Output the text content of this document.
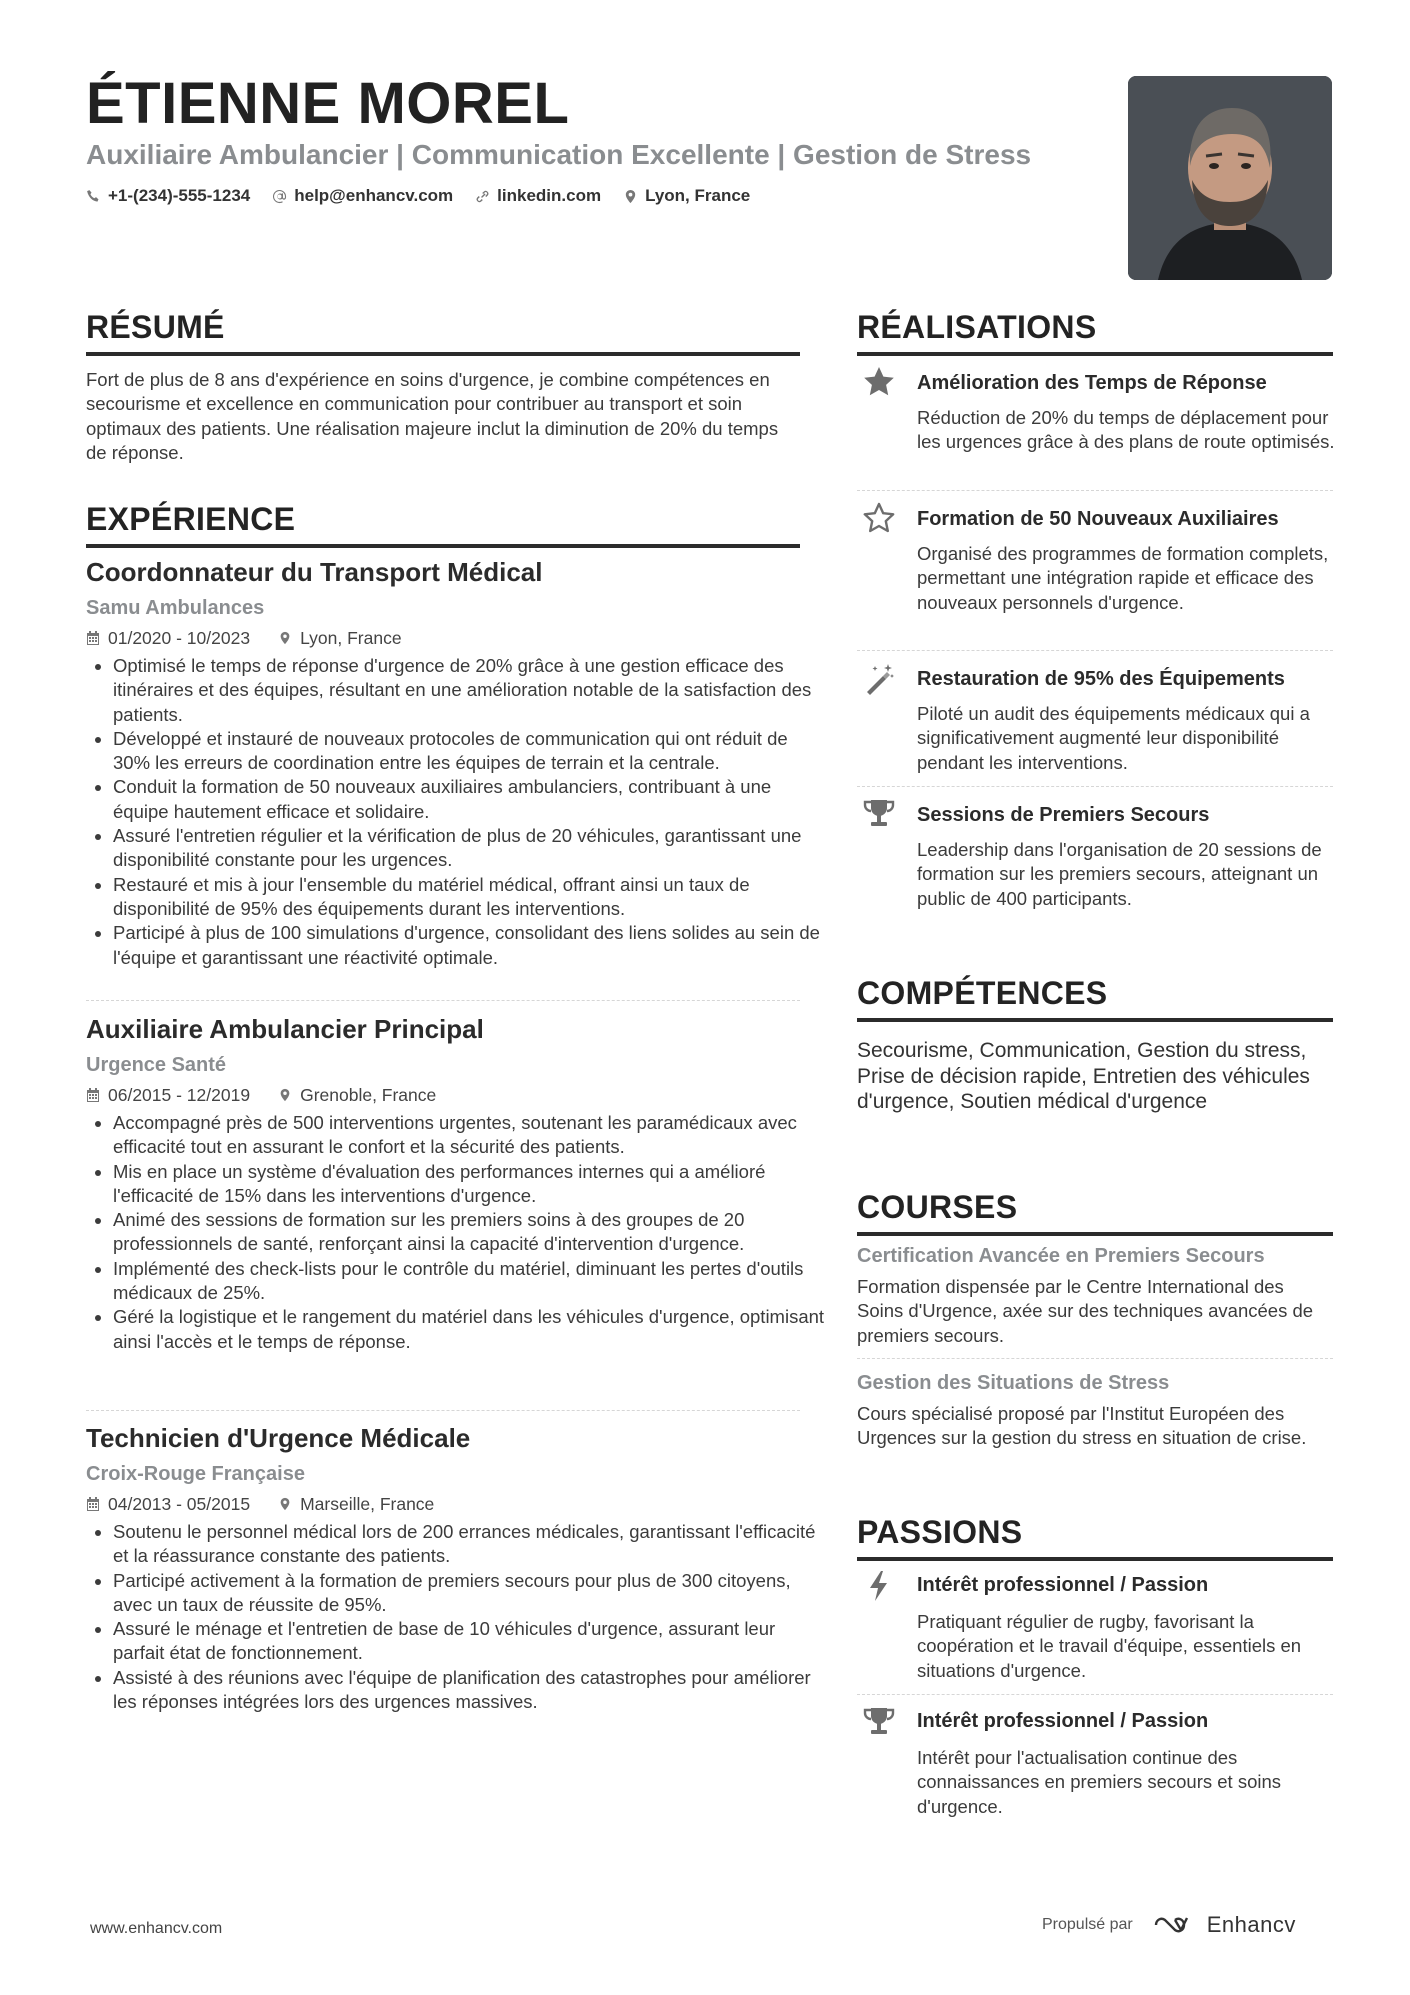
ÉTIENNE MOREL
Auxiliaire Ambulancier | Communication Excellente | Gestion de Stress
+1-(234)-555-1234	help@enhancv.com	linkedin.com	Lyon, France
RÉSUMÉ

Fort de plus de 8 ans d'expérience en soins d'urgence, je combine compétences en secourisme et excellence en communication pour contribuer au transport et soin optimaux des patients. Une réalisation majeure inclut la diminution de 20% du temps de réponse.

EXPÉRIENCE
Coordonnateur du Transport Médical
Samu Ambulances
01/2020 - 10/2023	Lyon, France
• Optimisé le temps de réponse d'urgence de 20% grâce à une gestion efficace des itinéraires et des équipes, résultant en une amélioration notable de la satisfaction des patients.
• Développé et instauré de nouveaux protocoles de communication qui ont réduit de 30% les erreurs de coordination entre les équipes de terrain et la centrale.
• Conduit la formation de 50 nouveaux auxiliaires ambulanciers, contribuant à une équipe hautement efficace et solidaire.
• Assuré l'entretien régulier et la vérification de plus de 20 véhicules, garantissant une disponibilité constante pour les urgences.
• Restauré et mis à jour l'ensemble du matériel médical, offrant ainsi un taux de disponibilité de 95% des équipements durant les interventions.
• Participé à plus de 100 simulations d'urgence, consolidant des liens solides au sein de l'équipe et garantissant une réactivité optimale.
Auxiliaire Ambulancier Principal
Urgence Santé
06/2015 - 12/2019	Grenoble, France
• Accompagné près de 500 interventions urgentes, soutenant les paramédicaux avec efficacité tout en assurant le confort et la sécurité des patients.
• Mis en place un système d'évaluation des performances internes qui a amélioré l'efficacité de 15% dans les interventions d'urgence.
• Animé des sessions de formation sur les premiers soins à des groupes de 20 professionnels de santé, renforçant ainsi la capacité d'intervention d'urgence.
• Implémenté des check-lists pour le contrôle du matériel, diminuant les pertes d'outils médicaux de 25%.
• Géré la logistique et le rangement du matériel dans les véhicules d'urgence, optimisant ainsi l'accès et le temps de réponse.
Technicien d'Urgence Médicale
Croix-Rouge Française
04/2013 - 05/2015	Marseille, France
• Soutenu le personnel médical lors de 200 errances médicales, garantissant l'efficacité et la réassurance constante des patients.
• Participé activement à la formation de premiers secours pour plus de 300 citoyens, avec un taux de réussite de 95%.
• Assuré le ménage et l'entretien de base de 10 véhicules d'urgence, assurant leur parfait état de fonctionnement.
• Assisté à des réunions avec l'équipe de planification des catastrophes pour améliorer les réponses intégrées lors des urgences massives.
RÉALISATIONS
Amélioration des Temps de Réponse

Réduction de 20% du temps de déplacement pour les urgences grâce à des plans de route optimisés.

Formation de 50 Nouveaux Auxiliaires

Organisé des programmes de formation complets, permettant une intégration rapide et efficace des nouveaux personnels d'urgence.

Restauration de 95% des Équipements

Piloté un audit des équipements médicaux qui a significativement augmenté leur disponibilité pendant les interventions.

Sessions de Premiers Secours

Leadership dans l'organisation de 20 sessions de formation sur les premiers secours, atteignant un public de 400 participants.

COMPÉTENCES

Secourisme, Communication, Gestion du stress, Prise de décision rapide, Entretien des véhicules d'urgence, Soutien médical d'urgence

COURSES
Certification Avancée en Premiers Secours

Formation dispensée par le Centre International des Soins d'Urgence, axée sur des techniques avancées de premiers secours.

Gestion des Situations de Stress

Cours spécialisé proposé par l'Institut Européen des Urgences sur la gestion du stress en situation de crise.

PASSIONS
Intérêt professionnel / Passion

Pratiquant régulier de rugby, favorisant la coopération et le travail d'équipe, essentiels en situations d'urgence.

Intérêt professionnel / Passion

Intérêt pour l'actualisation continue des connaissances en premiers secours et soins d'urgence.

www.enhancv.com	Propulsé par	Enhancv
